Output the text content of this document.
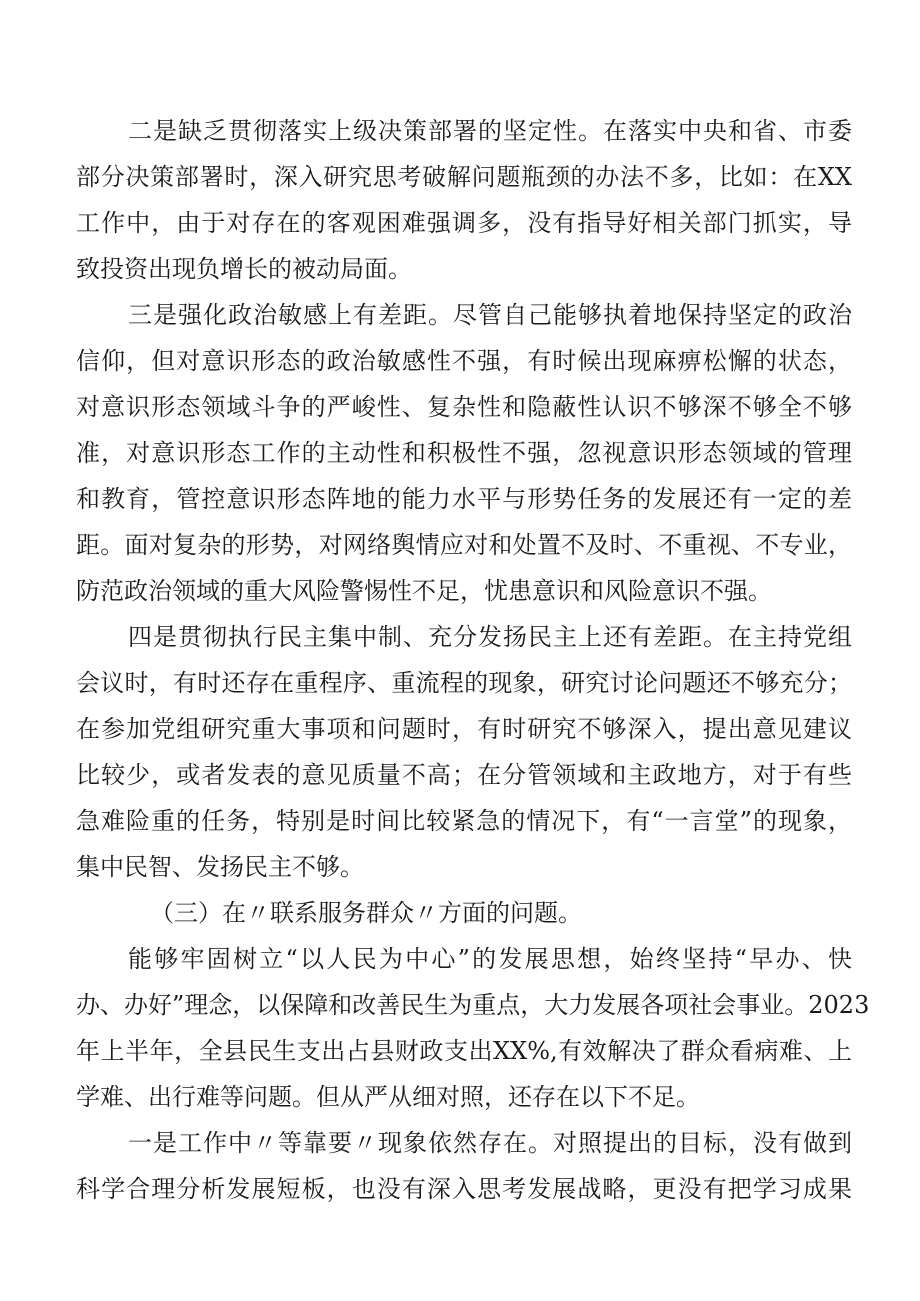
二是缺乏贯彻落实上级决策部署的坚定性。在落实中央和省、市委
部分决策部署时，深入研究思考破解问题瓶颈的办法不多，比如：在XX
工作中，由于对存在的客观困难强调多，没有指导好相关部门抓实，导
致投资出现负增长的被动局面。
三是强化政治敏感上有差距。尽管自己能够执着地保持坚定的政治
信仰，但对意识形态的政治敏感性不强，有时候出现麻痹松懈的状态，
对意识形态领域斗争的严峻性、复杂性和隐蔽性认识不够深不够全不够
准，对意识形态工作的主动性和积极性不强，忽视意识形态领域的管理
和教育，管控意识形态阵地的能力水平与形势任务的发展还有一定的差
距。面对复杂的形势，对网络舆情应对和处置不及时、不重视、不专业，
防范政治领域的重大风险警惕性不足，忧患意识和风险意识不强。
四是贯彻执行民主集中制、充分发扬民主上还有差距。在主持党组
会议时，有时还存在重程序、重流程的现象，研究讨论问题还不够充分；
在参加党组研究重大事项和问题时，有时研究不够深入，提出意见建议
比较少，或者发表的意见质量不高；在分管领域和主政地方，对于有些
急难险重的任务，特别是时间比较紧急的情况下，有“一言堂”的现象，
集中民智、发扬民主不够。
（三）在〃联系服务群众〃方面的问题。
能够牢固树立“以人民为中心”的发展思想，始终坚持“早办、快
办、办好”理念，以保障和改善民生为重点，大力发展各项社会事业。2023
年上半年，全县民生支出占县财政支出XX%,有效解决了群众看病难、上
学难、出行难等问题。但从严从细对照，还存在以下不足。
一是工作中〃等靠要〃现象依然存在。对照提出的目标，没有做到
科学合理分析发展短板，也没有深入思考发展战略，更没有把学习成果
